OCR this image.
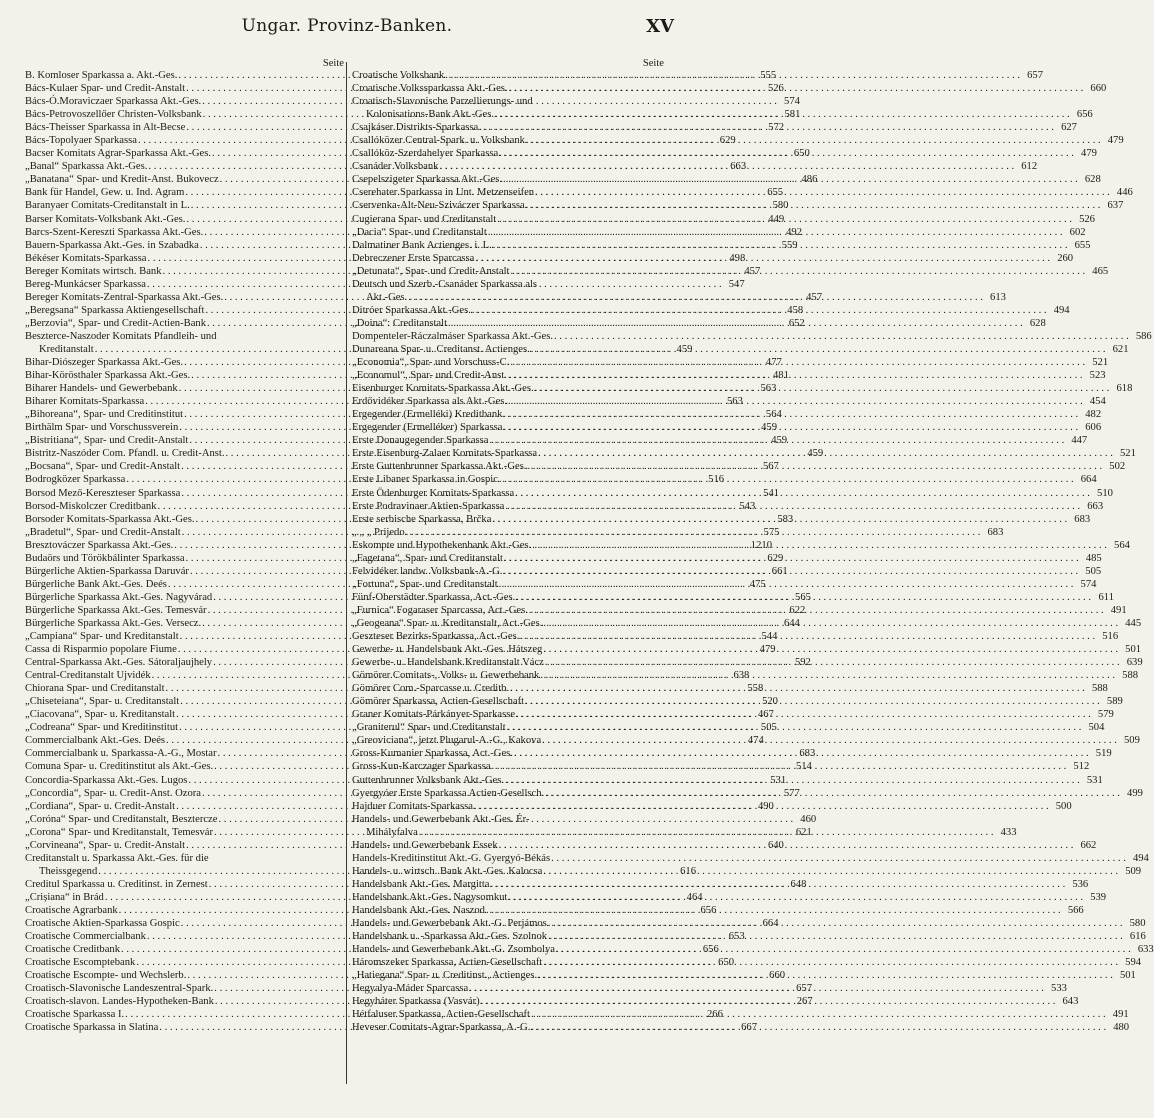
Ungar. Provinz-Banken.	XV
Seite
B. Komloser Sparkassa a. Akt.-Ges. . . .	555
Bács-Kulaer Spar- und Credit-Anstalt . . .	526
Bács-Ó.Moraviczaer Sparkassa Akt.-Ges. . . .	574
Bács-Petrovoszellőer Christen-Volksbank . . .	581
Bács-Theisser Sparkassa in Alt-Becse . . .	572
Bács-Topolyaer Sparkassa . . .	629
Bacser Komitats Agrar-Sparkassa Akt.-Ges. . . .	650
„Banal“ Sparkassa Akt.-Ges. . . .	663
„Banatana“ Spar- und Kredit-Anst. Bukovecz . . .	486
Bank für Handel, Gew. u. Ind. Agram . . .	655
Baranyaer Comitats-Creditanstalt in L. . . .	580
Barser Komitats-Volksbank Akt.-Ges. . . .	449
Barcs-Szent-Kereszti Sparkassa Akt.-Ges. . . .	492
Bauern-Sparkassa Akt.-Ges. in Szabadka . . .	559
Békéser Komitats-Sparkassa . . .	498
Bereger Komitats wirtsch. Bank . . .	457
Bereg-Munkácser Sparkassa . . .	547
Bereger Komitats-Zentral-Sparkassa Akt.-Ges. . . .	457
„Beregsana“ Sparkassa Aktiengesellschaft . . .	458
„Berzovia“, Spar- und Credit-Actien-Bank . . .	652
Beszterce-Naszoder Komitats Pfandleih- und
Kreditanstalt . . .	459
Bihar-Diószeger Sparkassa Akt.-Ges. . . .	477
Bihar-Körösthaler Sparkassa Akt.-Ges. . . .	481
Biharer Handels- und Gewerbebank . . .	563
Biharer Komitats-Sparkassa . . .	563
„Bihoreana“, Spar- und Creditinstitut . . .	564
Birthälm Spar- und Vorschussverein . . .	459
„Bistritiana“, Spar- und Credit-Anstalt . . .	459
Bistritz-Naszóder Com. Pfandl. u. Credit-Anst. . . .	459
„Bocsana“, Spar- und Credit-Anstalt . . .	567
Bodrogközer Sparkassa . . .	516
Borsod Mező-Kereszteser Sparkassa . . .	541
Borsod-Miskolczer Creditbank . . .	543
Borsoder Komitats-Sparkassa Akt.-Ges. . . .	583
„Bradetul“, Spar- und Credit-Anstalt . . .	575
Bresztováczer Sparkassa Akt.-Ges. . . .	1210
Budaörs und Törökbálinter Sparkassa . . .	629
Bürgerliche Aktien-Sparkassa Daruvár . . .	661
Bürgerliche Bank Akt.-Ges. Deés . . .	475
Bürgerliche Sparkassa Akt.-Ges. Nagyvárad . . .	565
Bürgerliche Sparkassa Akt.-Ges. Temesvár . . .	622
Bürgerliche Sparkassa Akt.-Ges. Versecz. . . .	644
„Campiana“ Spar- und Kreditanstalt . . .	544
Cassa di Risparmio popolare Fiume . . .	479
Central-Sparkassa Akt.-Ges. Sátoraljaujhely . . .	592
Central-Creditanstalt Ujvidék . . .	638
Chiorana Spar- und Creditanstalt . . .	558
„Chiseteiana“, Spar- u. Creditanstalt . . .	520
„Ciacovana“, Spar- u. Kreditanstalt . . .	467
„Codreana“ Spar- und Kreditinstitut . . .	505
Commercialbank Akt.-Ges. Deés . . .	474
Commercialbank u. Sparkassa-A.-G., Mostar . . .	683
Comuna Spar- u. Creditinstitut als Akt.-Ges. . . .	514
Concordia-Sparkassa Akt.-Ges. Lugos . . .	531
„Concordia“, Spar- u. Credit-Anst. Ozora . . .	577
„Cordiana“, Spar- u. Credit-Anstalt . . .	490
„Coróna“ Spar- und Creditanstalt, Besztercze . . .	460
„Corona“ Spar- und Kreditanstalt, Temesvár . . .	621
„Corvineana“, Spar- u. Credit-Anstalt . . .	640
Creditanstalt u. Sparkassa Akt.-Ges. für die
Theissgegend . . .	616
Creditul Sparkassa u. Creditinst. in Zernest . . .	648
„Crișiana“ in Brád . . .	464
Croatische Agrarbank . . .	656
Croatische Aktien-Sparkassa Gospic . . .	664
Croatische Commercialbank . . .	653
Croatische Creditbank . . .	656
Croatische Escomptebank . . .	650
Croatische Escompte- und Wechslerb. . . .	660
Croatisch-Slavonische Landeszentral-Spark. . . .	657
Croatisch-slavon. Landes-Hypotheken-Bank . . .	267
Croatische Sparkassa I. . . .	266
Croatische Sparkassa in Slatina . . .	667
Seite
Croatische Volksbank . . .	657
Croatische Volkssparkassa Akt.-Ges. . . .	660
Croatisch-Slavonische Parzellierungs- und
Kolonisations-Bank Akt.-Ges. . . .	656
Csajkáser Distrikts-Sparkassa . . .	627
Csallóközer Central-Spark. u. Volksbank . . .	479
Csallóköz-Szerdahelyer Sparkassa . . .	479
Csanáder Volksbank . . .	612
Csepelszigeter Sparkassa Akt.-Ges. . . .	628
Cserehater Sparkassa in Unt. Metzenseifen . . .	446
Cservenka-Alt-Neu-Sziváczer Sparkassa . . .	637
Cugierana Spar- und Creditanstalt . . .	526
„Dacia“ Spar- und Creditanstalt . . .	602
Dalmatiner Bank Actienges. i. L. . . .	655
Debreczener Erste Sparcassa . . .	260
„Detunata“, Spar- und Credit-Anstalt . . .	465
Deutsch und Szerb.-Csanáder Sparkassa als
Akt.-Ges. . . .	613
Ditróer Sparkassa Akt.-Ges. . . .	494
„Doina“: Creditanstalt . . .	628
Dompenteler-Ráczalmáser Sparkassa Akt.-Ges. . . .	586
Dunareana Spar- u. Creditanst. Actienges. . . .	621
„Economia“, Spar- und Vorschuss-C. . . .	521
„Economul“, Spar- und Credit-Anst. . . .	523
Eisenburger Komitats-Sparkassa Akt.-Ges. . . .	618
Erdővidéker Sparkassa als Akt.-Ges. . . .	454
Ergegender (Ermelléki) Kreditbank . . .	482
Ergegender (Ermelléker) Sparkassa . . .	606
Erste Donaugegender Sparkassa . . .	447
Erste Eisenburg-Zalaer Komitats-Sparkassa . . .	521
Erste Guttenbrunner Sparkassa Akt.-Ges. . . .	502
Erste Libaner Sparkassa in Gospic . . .	664
Erste Ödenburger Komitats-Sparkassa . . .	510
Erste Podravinaer Aktien-Sparkassa . . .	663
Erste serbische Sparkassa, Brčka . . .	683
„ „ „ Prijedo . . .	683
Eskompte und Hypothekenbank Akt.-Ges. . . .	564
„Fagetana“, Spar- und Creditanstalt . . .	485
Felvidéker landw. Volksbank-A.-G. . . .	505
„Fortuna“, Spar- und Creditanstalt . . .	574
Fünf-Oberstädter Sparkassa, Act.-Ges. . . .	611
„Furnica“ Fogaraser Sparcassa, Act.-Ges. . . .	491
„Geogeana“ Spar- u. Kreditanstalt, Act.-Ges. . . .	445
Geszteser Bezirks-Sparkassa, Act.-Ges. . . .	516
Gewerbe- u. Handelsbank Akt.-Ges. Hátszeg . . .	501
Gewerbe- u. Handelsbank Kreditanstalt Vácz . . .	639
Gömörer Comitats-, Volks- u. Gewerbebank . . .	588
Gömörer Com.-Sparcasse u. Creditb. . . .	588
Gömörer Sparkassa, Actien-Gesellschaft . . .	589
Graner Komitats-Párkányer-Sparkasse . . .	579
„Graniterul“ Spar- und Creditanstalt . . .	504
„Greoviciana“, jetzt Plugarul-A.-G., Kakova . . .	509
Gross-Kumanier Sparkassa, Act.-Ges. . . .	519
Gross-Kun-Karczager Sparkassa . . .	512
Guttenbrunner Volksbank Akt.-Ges. . . .	531
Gyergyóer Erste Sparkassa Actien-Gesellsch. . . .	499
Hajduer Comitats-Sparkassa . . .	500
Handels- und Gewerbebank Akt.-Ges. Ér-
Mihályfalva . . .	433
Handels- und Gewerbebank Essek . . .	662
Handels-Kreditinstitut Akt.-G. Gyergyó-Békás . . .	494
Handels- u. wirtsch. Bank Akt.-Ges. Kalocsa . . .	509
Handelsbank Akt.-Ges. Margitta . . .	536
Handelsbank Akt.-Ges. Nagysomkut . . .	539
Handelsbank Akt.-Ges. Naszod . . .	566
Handels- und Gewerbebank Akt.-G. Perjámos . . .	580
Handelsbank u. -Sparkassa Akt.-Ges. Szolnok . . .	616
Handels- und Gewerbebank Akt.-G. Zsombolya . . .	633
Háromszeker Sparkassa, Actien-Gesellschaft . . .	594
„Hatiegana“ Spar- u. Creditinst., Actienges. . . .	501
Hegyalya-Máder Sparcassa . . .	533
Hegyháter Sparkassa (Vasvár) . . .	643
Hétfaluser Sparkassa, Actien-Gesellschaft . . .	491
Heveser Comitats-Agrar-Sparkassa, A.-G. . . .	480
